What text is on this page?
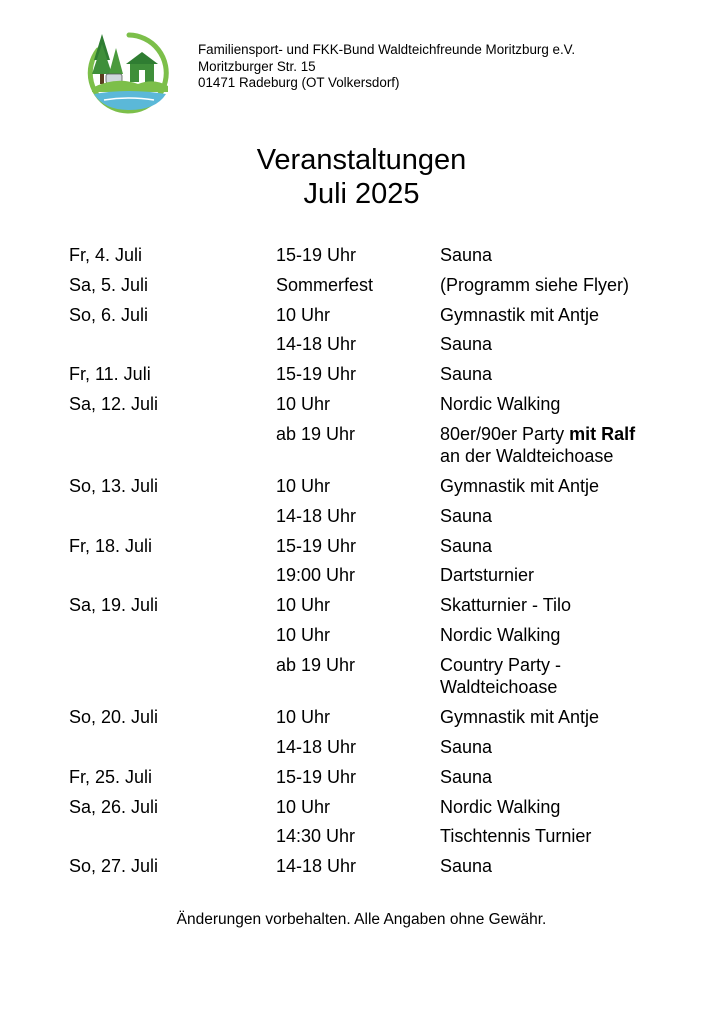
Familiensport- und FKK-Bund Waldteichfreunde Moritzburg e.V.
Moritzburger Str. 15
01471 Radeburg (OT Volkersdorf)
Veranstaltungen
Juli 2025
Fr, 4. Juli	15-19 Uhr	Sauna
Sa, 5. Juli	Sommerfest	(Programm siehe Flyer)
So, 6. Juli	10 Uhr	Gymnastik mit Antje
14-18 Uhr	Sauna
Fr, 11. Juli	15-19 Uhr	Sauna
Sa, 12. Juli	10 Uhr	Nordic Walking
ab 19 Uhr	80er/90er Party mit Ralf
an der Waldteichoase
So, 13. Juli	10 Uhr	Gymnastik mit Antje
14-18 Uhr	Sauna
Fr, 18. Juli	15-19 Uhr	Sauna
19:00 Uhr	Dartsturnier
Sa, 19. Juli	10 Uhr	Skatturnier - Tilo
10 Uhr	Nordic Walking
ab 19 Uhr	Country Party -
Waldteichoase
So, 20. Juli	10 Uhr	Gymnastik mit Antje
14-18 Uhr	Sauna
Fr, 25. Juli	15-19 Uhr	Sauna
Sa, 26. Juli	10 Uhr	Nordic Walking
14:30 Uhr	Tischtennis Turnier
So, 27. Juli	14-18 Uhr	Sauna
Änderungen vorbehalten. Alle Angaben ohne Gewähr.
